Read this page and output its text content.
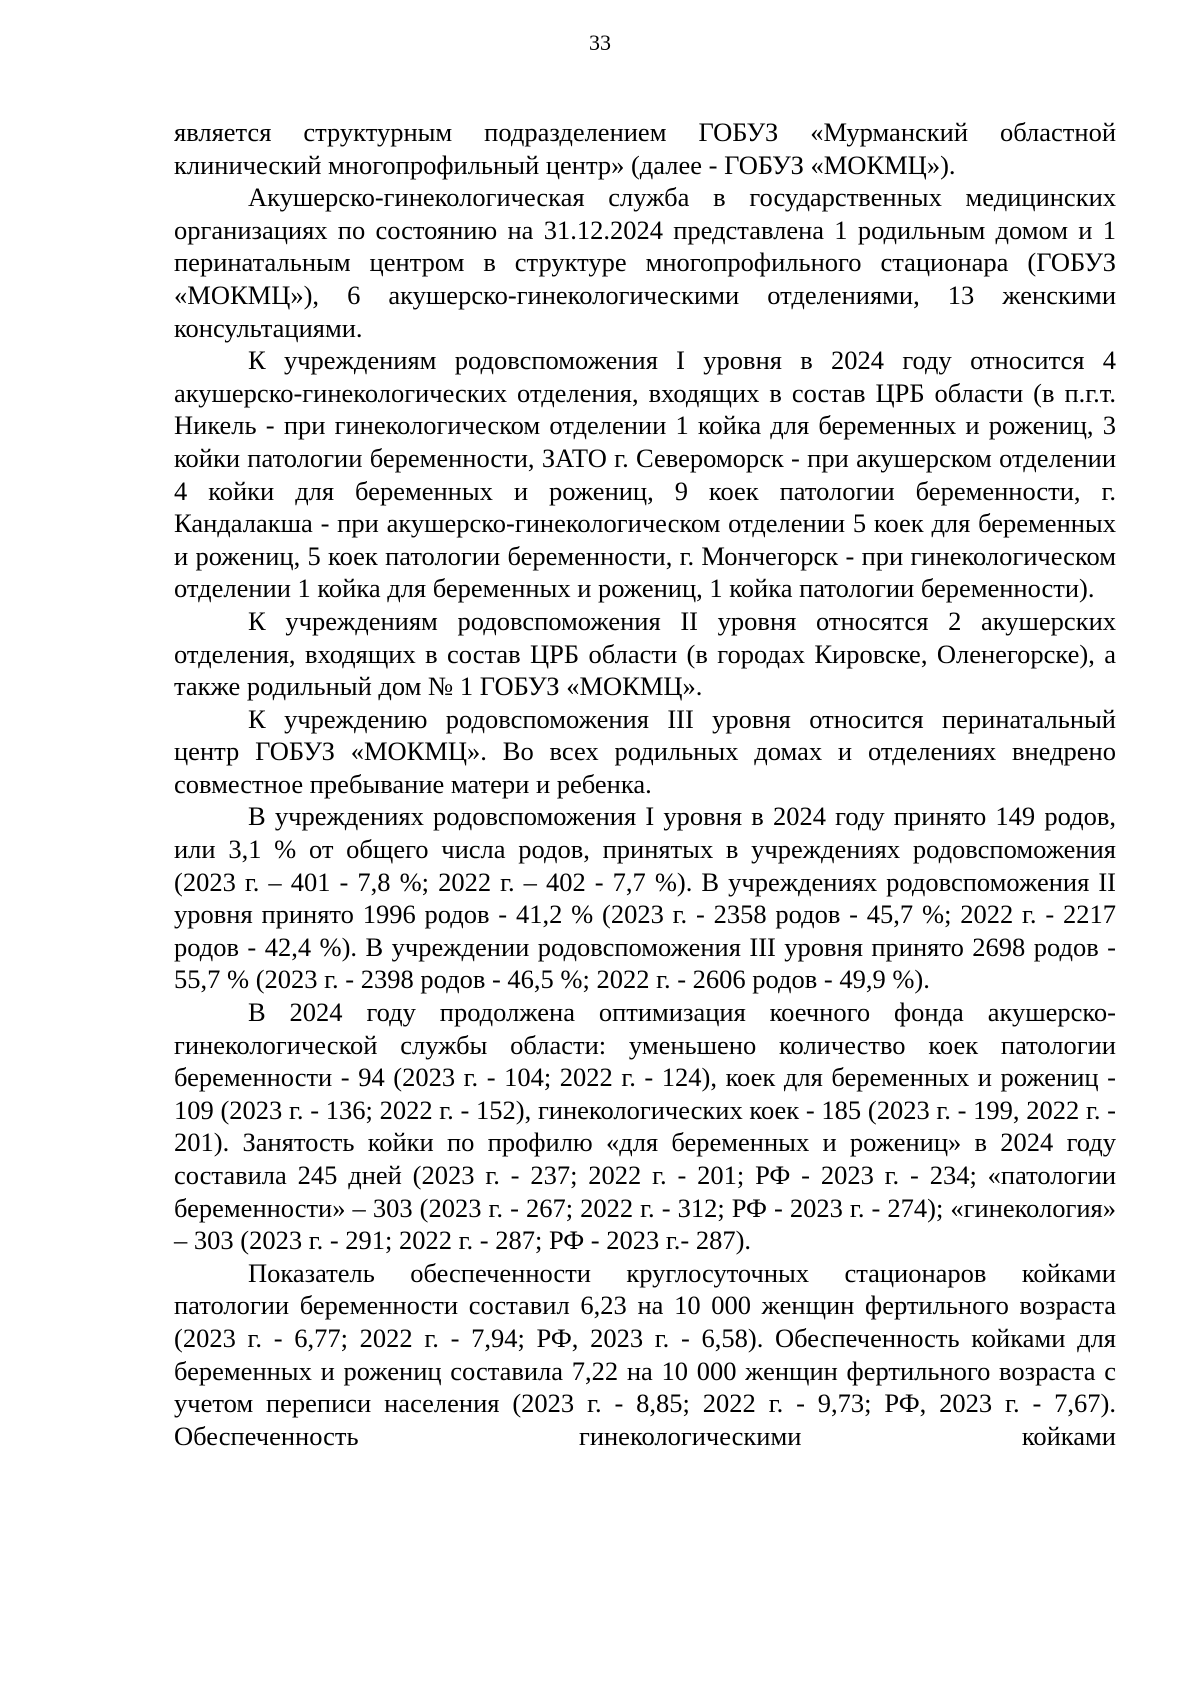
33

является структурным подразделением ГОБУЗ «Мурманский областной клинический многопрофильный центр» (далее - ГОБУЗ «МОКМЦ»).

Акушерско-гинекологическая служба в государственных медицинских организациях по состоянию на 31.12.2024 представлена 1 родильным домом и 1 перинатальным центром в структуре многопрофильного стационара (ГОБУЗ «МОКМЦ»), 6 акушерско-гинекологическими отделениями, 13 женскими консультациями.

К учреждениям родовспоможения I уровня в 2024 году относится 4 акушерско-гинекологических отделения, входящих в состав ЦРБ области (в п.г.т. Никель - при гинекологическом отделении 1 койка для беременных и рожениц, 3 койки патологии беременности, ЗАТО г. Североморск - при акушерском отделении 4 койки для беременных и рожениц, 9 коек патологии беременности, г. Кандалакша - при акушерско-гинекологическом отделении 5 коек для беременных и рожениц, 5 коек патологии беременности, г. Мончегорск - при гинекологическом отделении 1 койка для беременных и рожениц, 1 койка патологии беременности).

К учреждениям родовспоможения II уровня относятся 2 акушерских отделения, входящих в состав ЦРБ области (в городах Кировске, Оленегорске), а также родильный дом № 1 ГОБУЗ «МОКМЦ».

К учреждению родовспоможения III уровня относится перинатальный центр ГОБУЗ «МОКМЦ». Во всех родильных домах и отделениях внедрено совместное пребывание матери и ребенка.

В учреждениях родовспоможения I уровня в 2024 году принято 149 родов, или 3,1 % от общего числа родов, принятых в учреждениях родовспоможения (2023 г. – 401 - 7,8 %; 2022 г. – 402 - 7,7 %). В учреждениях родовспоможения II уровня принято 1996 родов - 41,2 % (2023 г. - 2358 родов - 45,7 %; 2022 г. - 2217 родов - 42,4 %). В учреждении родовспоможения III уровня принято 2698 родов - 55,7 % (2023 г. - 2398 родов - 46,5 %; 2022 г. - 2606 родов - 49,9 %).

В 2024 году продолжена оптимизация коечного фонда акушерско-гинекологической службы области: уменьшено количество коек патологии беременности - 94 (2023 г. - 104; 2022 г. - 124), коек для беременных и рожениц - 109 (2023 г. - 136; 2022 г. - 152), гинекологических коек - 185 (2023 г. - 199, 2022 г. - 201). Занятость койки по профилю «для беременных и рожениц» в 2024 году составила 245 дней (2023 г. - 237; 2022 г. - 201; РФ - 2023 г. - 234; «патологии беременности» – 303 (2023 г. - 267; 2022 г. - 312; РФ - 2023 г. - 274); «гинекология» – 303 (2023 г. - 291; 2022 г. - 287; РФ - 2023 г.- 287).

Показатель обеспеченности круглосуточных стационаров койками патологии беременности составил 6,23 на 10 000 женщин фертильного возраста (2023 г. - 6,77; 2022 г. - 7,94; РФ, 2023 г. - 6,58). Обеспеченность койками для беременных и рожениц составила 7,22 на 10 000 женщин фертильного возраста с учетом переписи населения (2023 г. - 8,85; 2022 г. - 9,73; РФ, 2023 г. - 7,67). Обеспеченность гинекологическими койками
